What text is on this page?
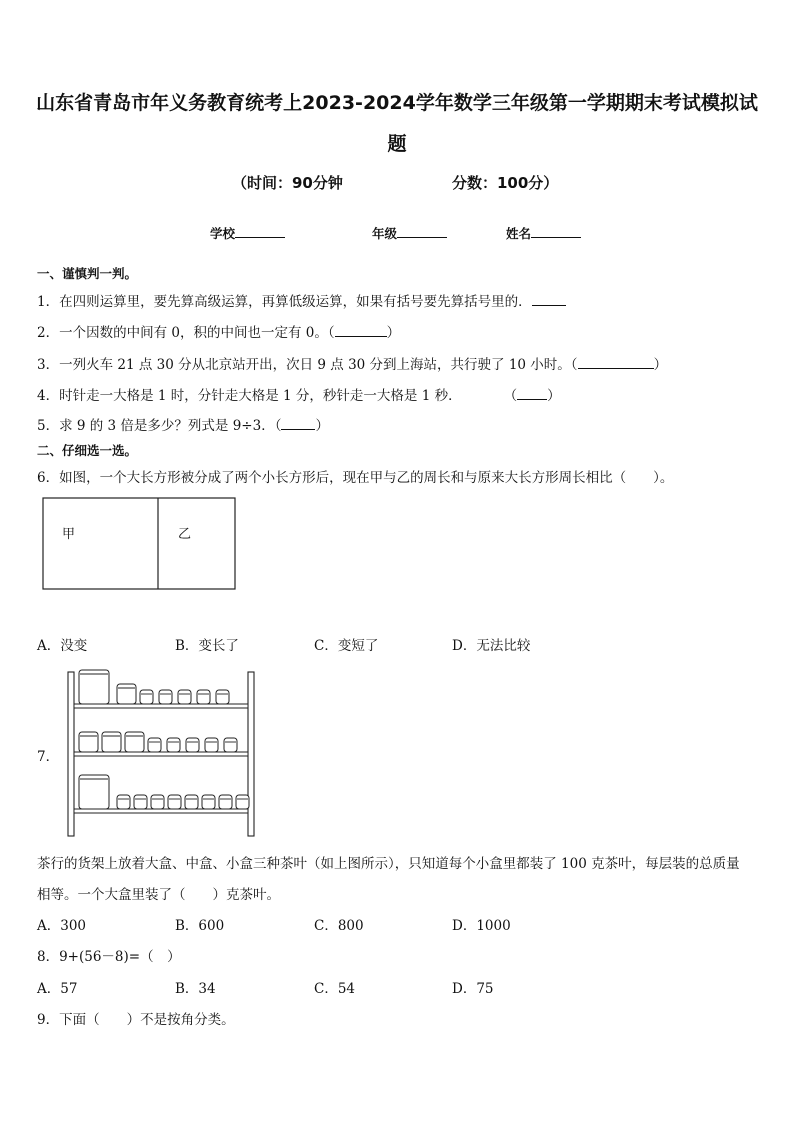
山东省青岛市年义务教育统考上2023-2024学年数学三年级第一学期期末考试模拟试
题
（时间：90分钟	分数：100分）
学校	年级	姓名
一、谨慎判一判。
1．在四则运算里，要先算高级运算，再算低级运算，如果有括号要先算括号里的．
2．一个因数的中间有 0，积的中间也一定有 0。（	）
3．一列火车 21 点 30 分从北京站开出，次日 9 点 30 分到上海站，共行驶了 10 小时。（	）
4．时针走一大格是 1 时，分针走大格是 1 分，秒针走一大格是 1 秒．	（ ）
5．求 9 的 3 倍是多少？列式是 9÷3．（	）
二、仔细选一选。
6．如图，一个大长方形被分成了两个小长方形后，现在甲与乙的周长和与原来大长方形周长相比（　　）。
甲	乙
A．没变	B．变长了	C．变短了	D．无法比较
7．
茶行的货架上放着大盒、中盒、小盒三种茶叶（如上图所示），只知道每个小盒里都装了 100 克茶叶，每层装的总质量
相等。一个大盒里装了（　　）克茶叶。
A．300	B．600	C．800	D．1000
8．9+(56－8)=（　）
A．57	B．34	C．54	D．75
9．下面（　　）不是按角分类。
